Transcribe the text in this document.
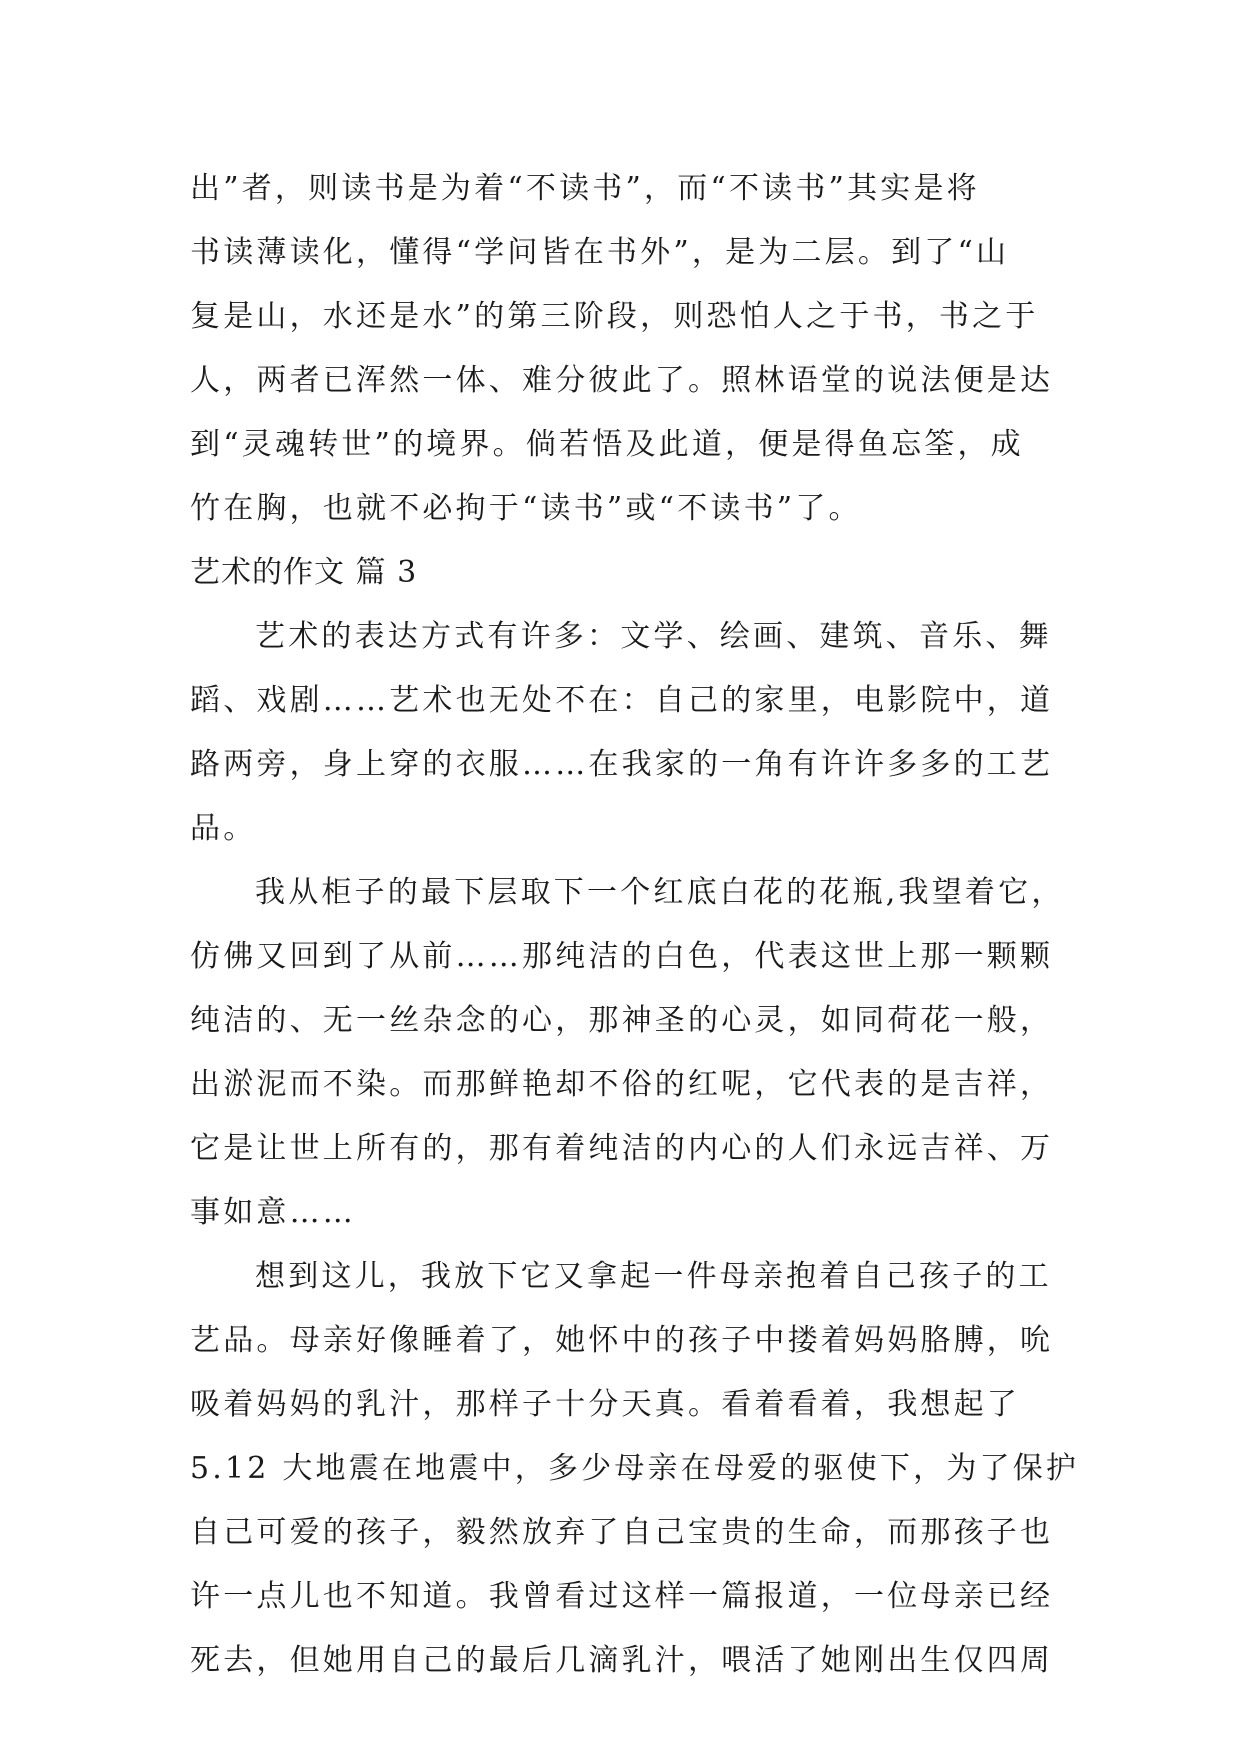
出”者，则读书是为着“不读书”，而“不读书”其实是将
书读薄读化，懂得“学问皆在书外”，是为二层。到了“山
复是山，水还是水”的第三阶段，则恐怕人之于书，书之于
人，两者已浑然一体、难分彼此了。照林语堂的说法便是达
到“灵魂转世”的境界。倘若悟及此道，便是得鱼忘筌，成
竹在胸，也就不必拘于“读书”或“不读书”了。
艺术的作文 篇 3
艺术的表达方式有许多：文学、绘画、建筑、音乐、舞
蹈、戏剧……艺术也无处不在：自己的家里，电影院中，道
路两旁，身上穿的衣服……在我家的一角有许许多多的工艺
品。
我从柜子的最下层取下一个红底白花的花瓶,我望着它，
仿佛又回到了从前……那纯洁的白色，代表这世上那一颗颗
纯洁的、无一丝杂念的心，那神圣的心灵，如同荷花一般，
出淤泥而不染。而那鲜艳却不俗的红呢，它代表的是吉祥，
它是让世上所有的，那有着纯洁的内心的人们永远吉祥、万
事如意……
想到这儿，我放下它又拿起一件母亲抱着自己孩子的工
艺品。母亲好像睡着了，她怀中的孩子中搂着妈妈胳膊，吮
吸着妈妈的乳汁，那样子十分天真。看着看着，我想起了
5.12 大地震在地震中，多少母亲在母爱的驱使下，为了保护
自己可爱的孩子，毅然放弃了自己宝贵的生命，而那孩子也
许一点儿也不知道。我曾看过这样一篇报道，一位母亲已经
死去，但她用自己的最后几滴乳汁，喂活了她刚出生仅四周
